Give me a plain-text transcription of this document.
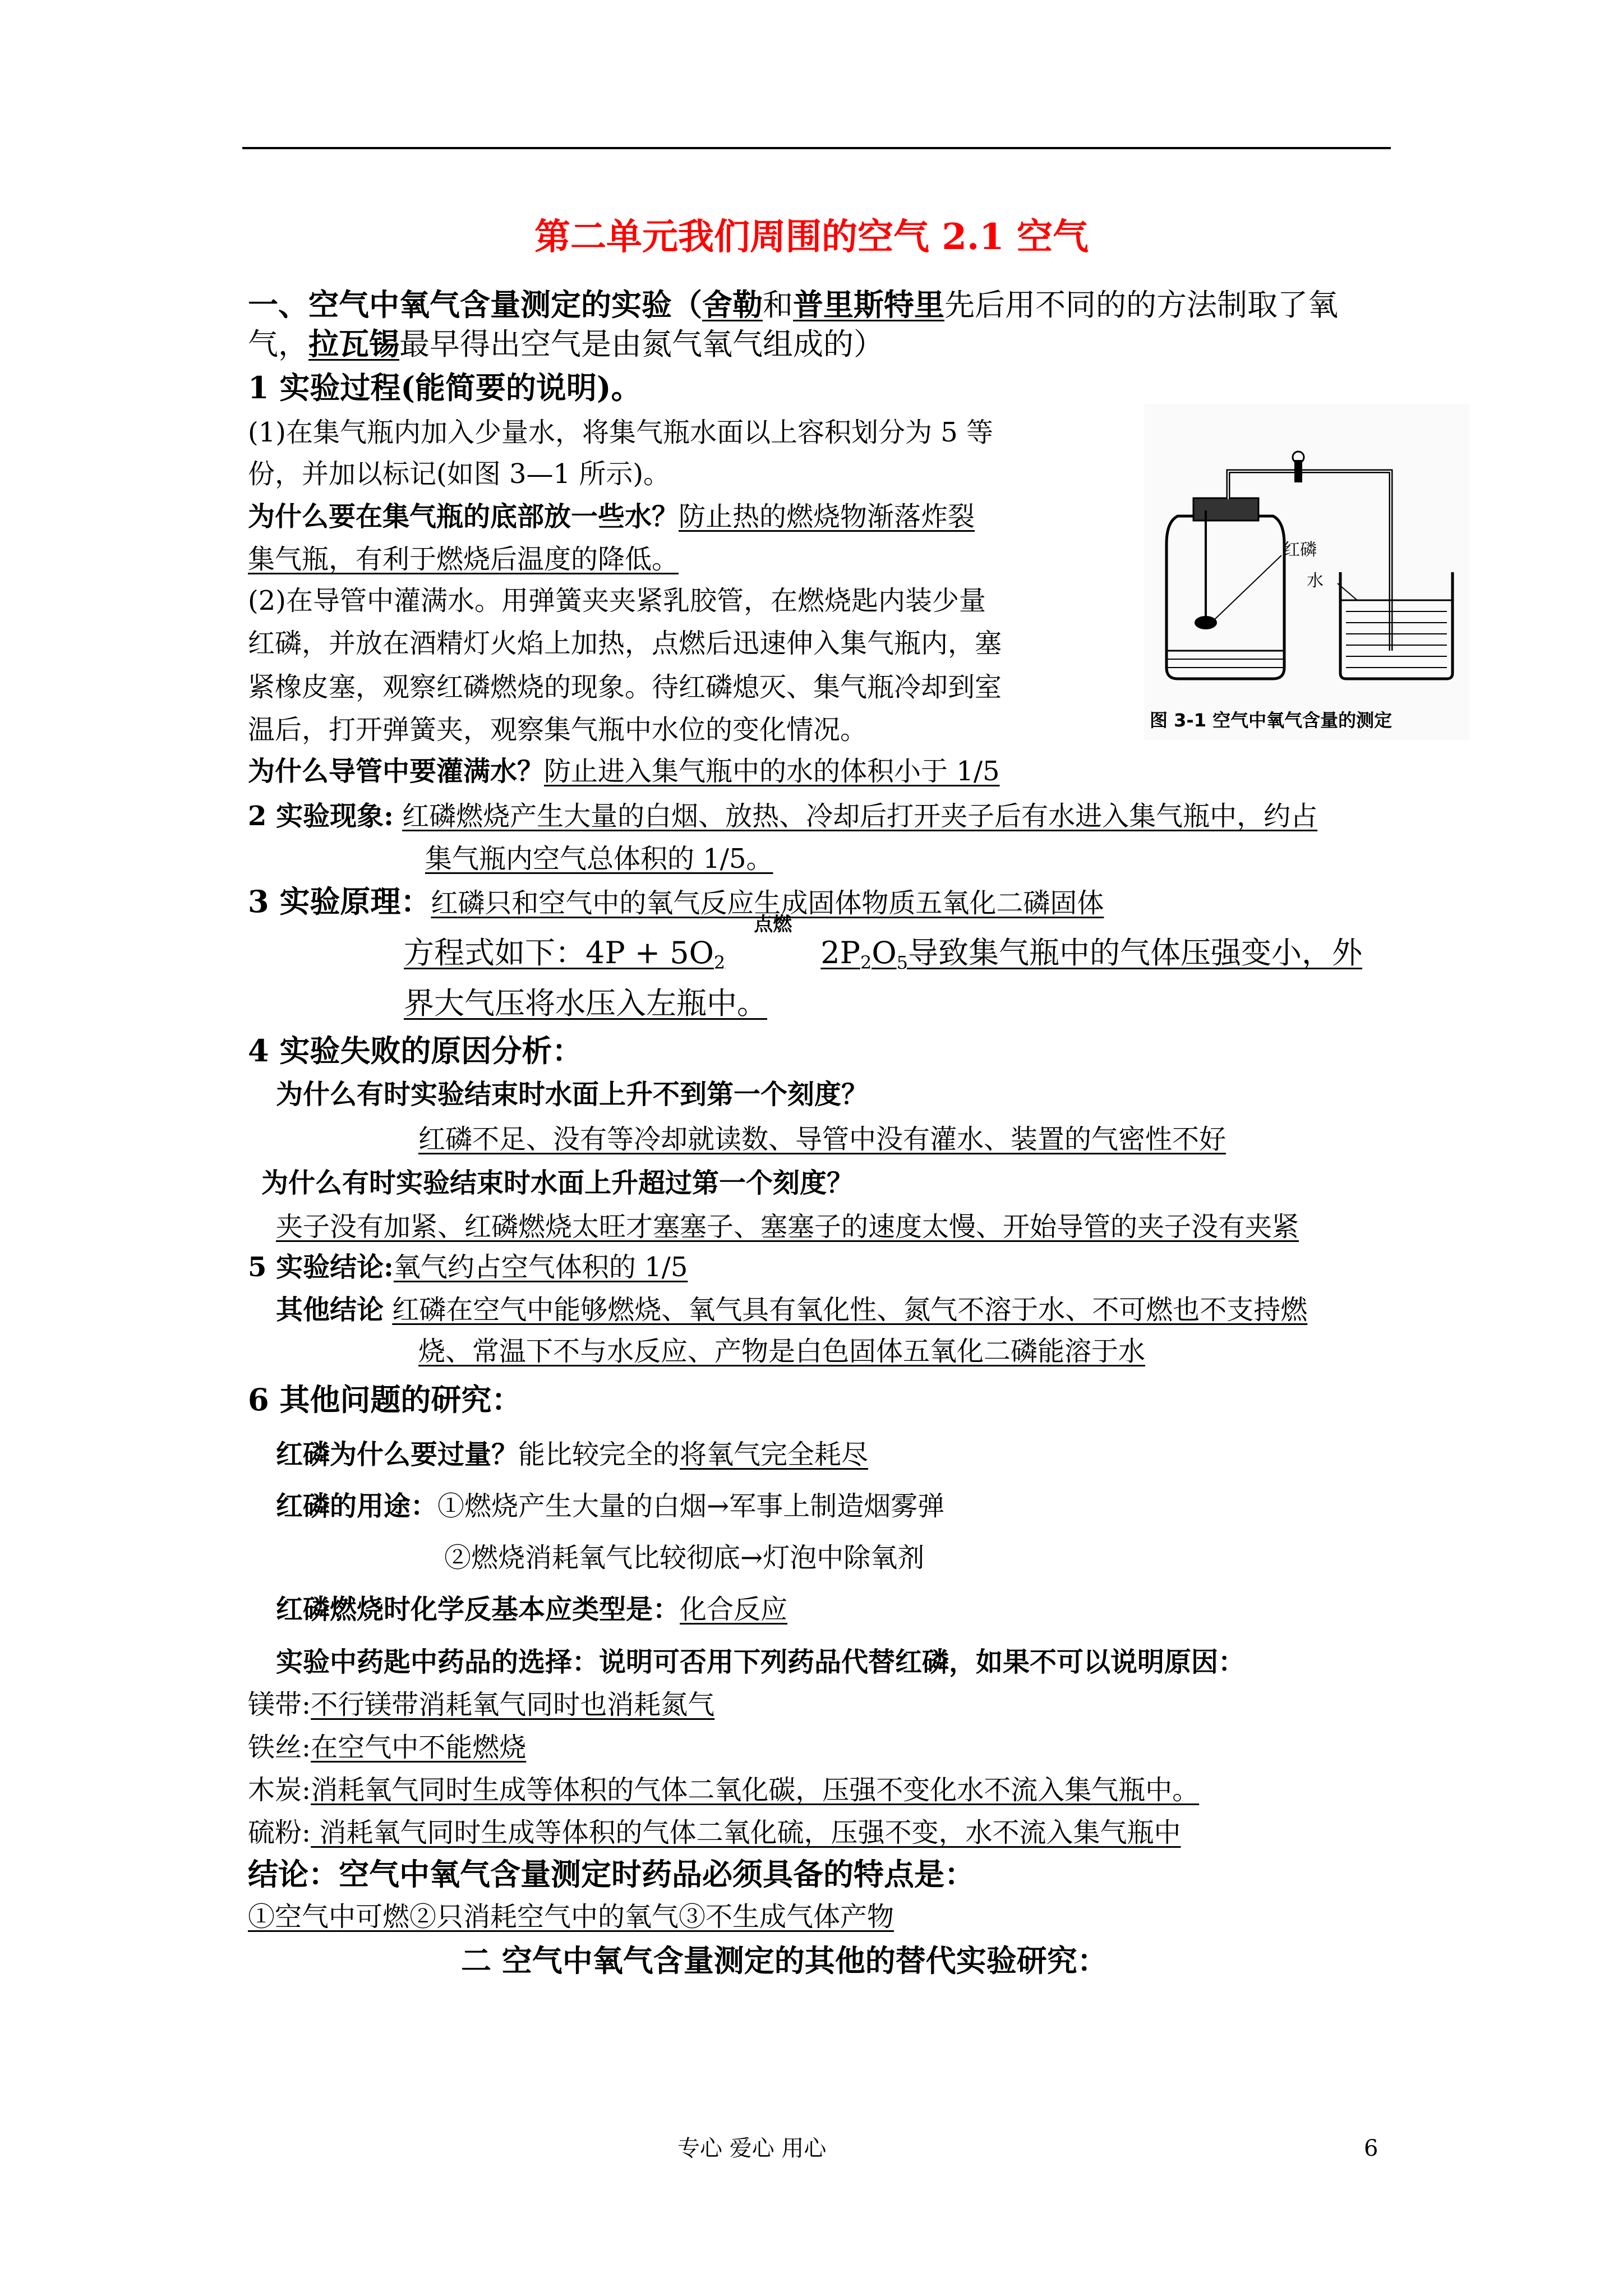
第二单元我们周围的空气 2.1 空气
一、空气中氧气含量测定的实验（舍勒和普里斯特里先后用不同的的方法制取了氧
气，拉瓦锡最早得出空气是由氮气氧气组成的）
1 实验过程(能简要的说明)。
(1)在集气瓶内加入少量水，将集气瓶水面以上容积划分为 5 等
份，并加以标记(如图 3—1 所示)。
为什么要在集气瓶的底部放一些水？防止热的燃烧物渐落炸裂
集气瓶，有利于燃烧后温度的降低。
(2)在导管中灌满水。用弹簧夹夹紧乳胶管，在燃烧匙内装少量
红磷，并放在酒精灯火焰上加热，点燃后迅速伸入集气瓶内，塞
紧橡皮塞，观察红磷燃烧的现象。待红磷熄灭、集气瓶冷却到室
温后，打开弹簧夹，观察集气瓶中水位的变化情况。
为什么导管中要灌满水？防止进入集气瓶中的水的体积小于 1/5
红磷
水
图 3-1 空气中氧气含量的测定
2 实验现象: 红磷燃烧产生大量的白烟、放热、冷却后打开夹子后有水进入集气瓶中，约占
集气瓶内空气总体积的 1/5。
3 实验原理：红磷只和空气中的氧气反应生成固体物质五氧化二磷固体
方程式如下：$4P + 5O_2$
点燃
$2P_2O_5$导致集气瓶中的气体压强变小，外
界大气压将水压入左瓶中。
4 实验失败的原因分析：
为什么有时实验结束时水面上升不到第一个刻度？
红磷不足、没有等冷却就读数、导管中没有灌水、装置的气密性不好
为什么有时实验结束时水面上升超过第一个刻度？
夹子没有加紧、红磷燃烧太旺才塞塞子、塞塞子的速度太慢、开始导管的夹子没有夹紧
5 实验结论:氧气约占空气体积的 1/5
其他结论 红磷在空气中能够燃烧、氧气具有氧化性、氮气不溶于水、不可燃也不支持燃
烧、常温下不与水反应、产物是白色固体五氧化二磷能溶于水
6 其他问题的研究：
红磷为什么要过量？能比较完全的将氧气完全耗尽
红磷的用途：①燃烧产生大量的白烟→军事上制造烟雾弹
②燃烧消耗氧气比较彻底→灯泡中除氧剂
红磷燃烧时化学反基本应类型是：化合反应
实验中药匙中药品的选择：说明可否用下列药品代替红磷，如果不可以说明原因：
镁带:不行镁带消耗氧气同时也消耗氮气
铁丝:在空气中不能燃烧
木炭:消耗氧气同时生成等体积的气体二氧化碳，压强不变化水不流入集气瓶中。
硫粉: 消耗氧气同时生成等体积的气体二氧化硫，压强不变，水不流入集气瓶中
结论：空气中氧气含量测定时药品必须具备的特点是：
①空气中可燃②只消耗空气中的氧气③不生成气体产物
二 空气中氧气含量测定的其他的替代实验研究：
专心 爱心 用心	6
